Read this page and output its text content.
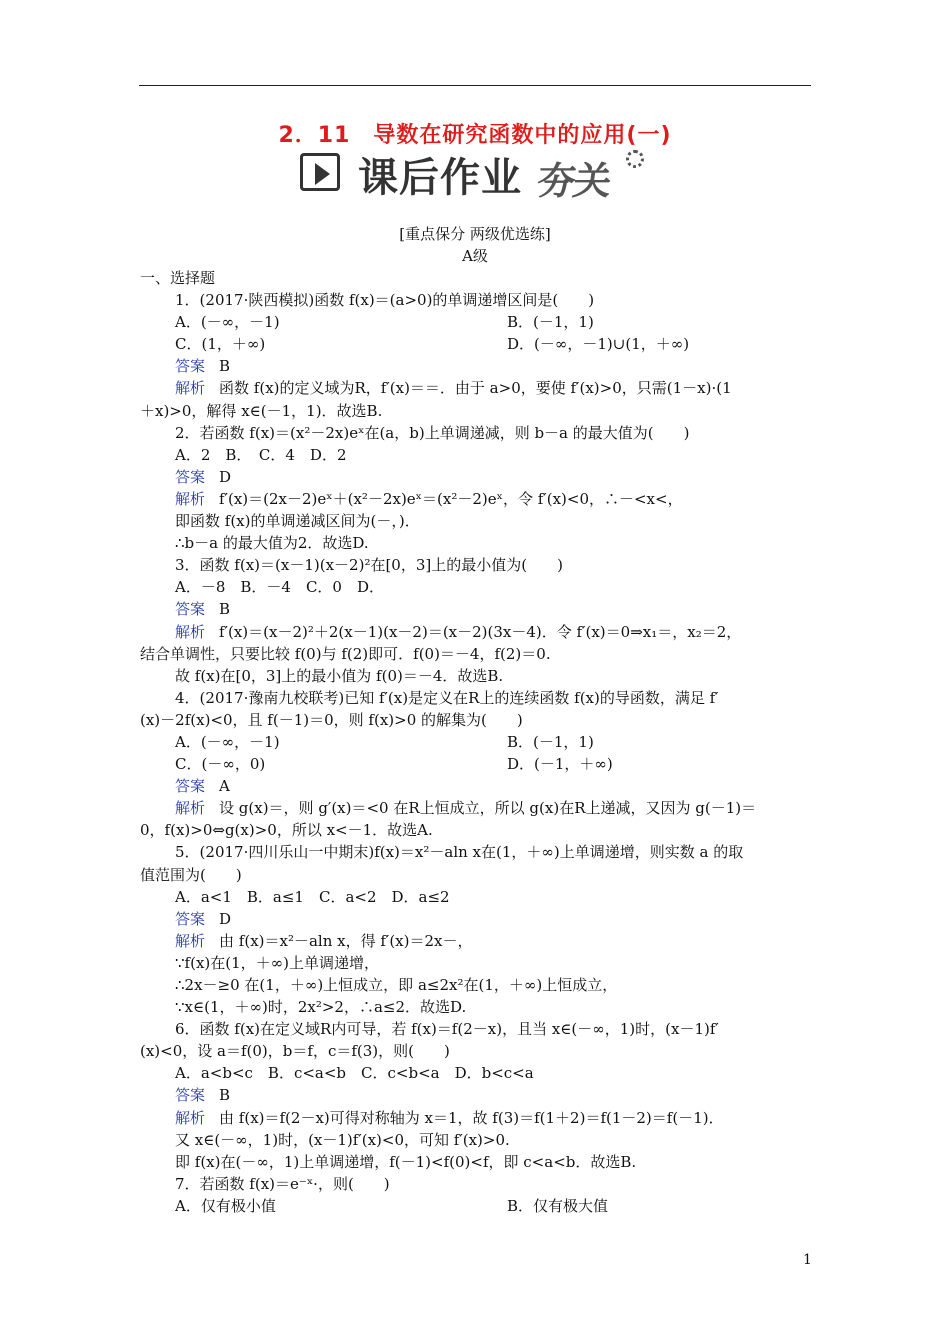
2．11　导数在研究函数中的应用(一)
课后作业 夯关
[重点保分 两级优选练]
A级
一、选择题
1．(2017·陕西模拟)函数 f(x)＝(a>0)的单调递增区间是(　　)
A．(－∞，－1)	B．(－1，1)
C．(1，＋∞)	D．(－∞，－1)∪(1，＋∞)
答案 B
解析 函数 f(x)的定义域为R，f′(x)＝＝．由于 a>0，要使 f′(x)>0，只需(1－x)·(1
＋x)>0，解得 x∈(－1，1)．故选B.
2．若函数 f(x)＝(x²－2x)eˣ在(a，b)上单调递减，则 b－a 的最大值为(　　)
A．2　B．　C．4　D．2
答案 D
解析 f′(x)＝(2x－2)eˣ＋(x²－2x)eˣ＝(x²－2)eˣ，令 f′(x)<0，∴－<x<，
即函数 f(x)的单调递减区间为(－，)．
∴b－a 的最大值为2．故选D.
3．函数 f(x)＝(x－1)(x－2)²在[0，3]上的最小值为(　　)
A．－8　B．－4　C．0　D．
答案 B
解析 f′(x)＝(x－2)²＋2(x－1)(x－2)＝(x－2)(3x－4)．令 f′(x)＝0⇒x₁＝，x₂＝2，
结合单调性，只要比较 f(0)与 f(2)即可．f(0)＝－4，f(2)＝0.
故 f(x)在[0，3]上的最小值为 f(0)＝－4．故选B.
4．(2017·豫南九校联考)已知 f′(x)是定义在R上的连续函数 f(x)的导函数，满足 f′
(x)－2f(x)<0，且 f(－1)＝0，则 f(x)>0 的解集为(　　)
A．(－∞，－1)	B．(－1，1)
C．(－∞，0)	D．(－1，＋∞)
答案 A
解析 设 g(x)＝，则 g′(x)＝<0 在R上恒成立，所以 g(x)在R上递减，又因为 g(－1)＝
0，f(x)>0⇔g(x)>0，所以 x<－1．故选A.
5．(2017·四川乐山一中期末)f(x)＝x²－aln x在(1，＋∞)上单调递增，则实数 a 的取
值范围为(　　)
A．a<1　B．a≤1　C．a<2　D．a≤2
答案 D
解析 由 f(x)＝x²－aln x，得 f′(x)＝2x－，
∵f(x)在(1，＋∞)上单调递增，
∴2x－≥0 在(1，＋∞)上恒成立，即 a≤2x²在(1，＋∞)上恒成立，
∵x∈(1，＋∞)时，2x²>2，∴a≤2．故选D.
6．函数 f(x)在定义域R内可导，若 f(x)＝f(2－x)，且当 x∈(－∞，1)时，(x－1)f′
(x)<0，设 a＝f(0)，b＝f，c＝f(3)，则(　　)
A．a<b<c　B．c<a<b　C．c<b<a　D．b<c<a
答案 B
解析 由 f(x)＝f(2－x)可得对称轴为 x＝1，故 f(3)＝f(1＋2)＝f(1－2)＝f(－1)．
又 x∈(－∞，1)时，(x－1)f′(x)<0，可知 f′(x)>0.
即 f(x)在(－∞，1)上单调递增，f(－1)<f(0)<f，即 c<a<b．故选B.
7．若函数 f(x)＝e⁻ˣ·，则(　　)
A．仅有极小值	B．仅有极大值
1
